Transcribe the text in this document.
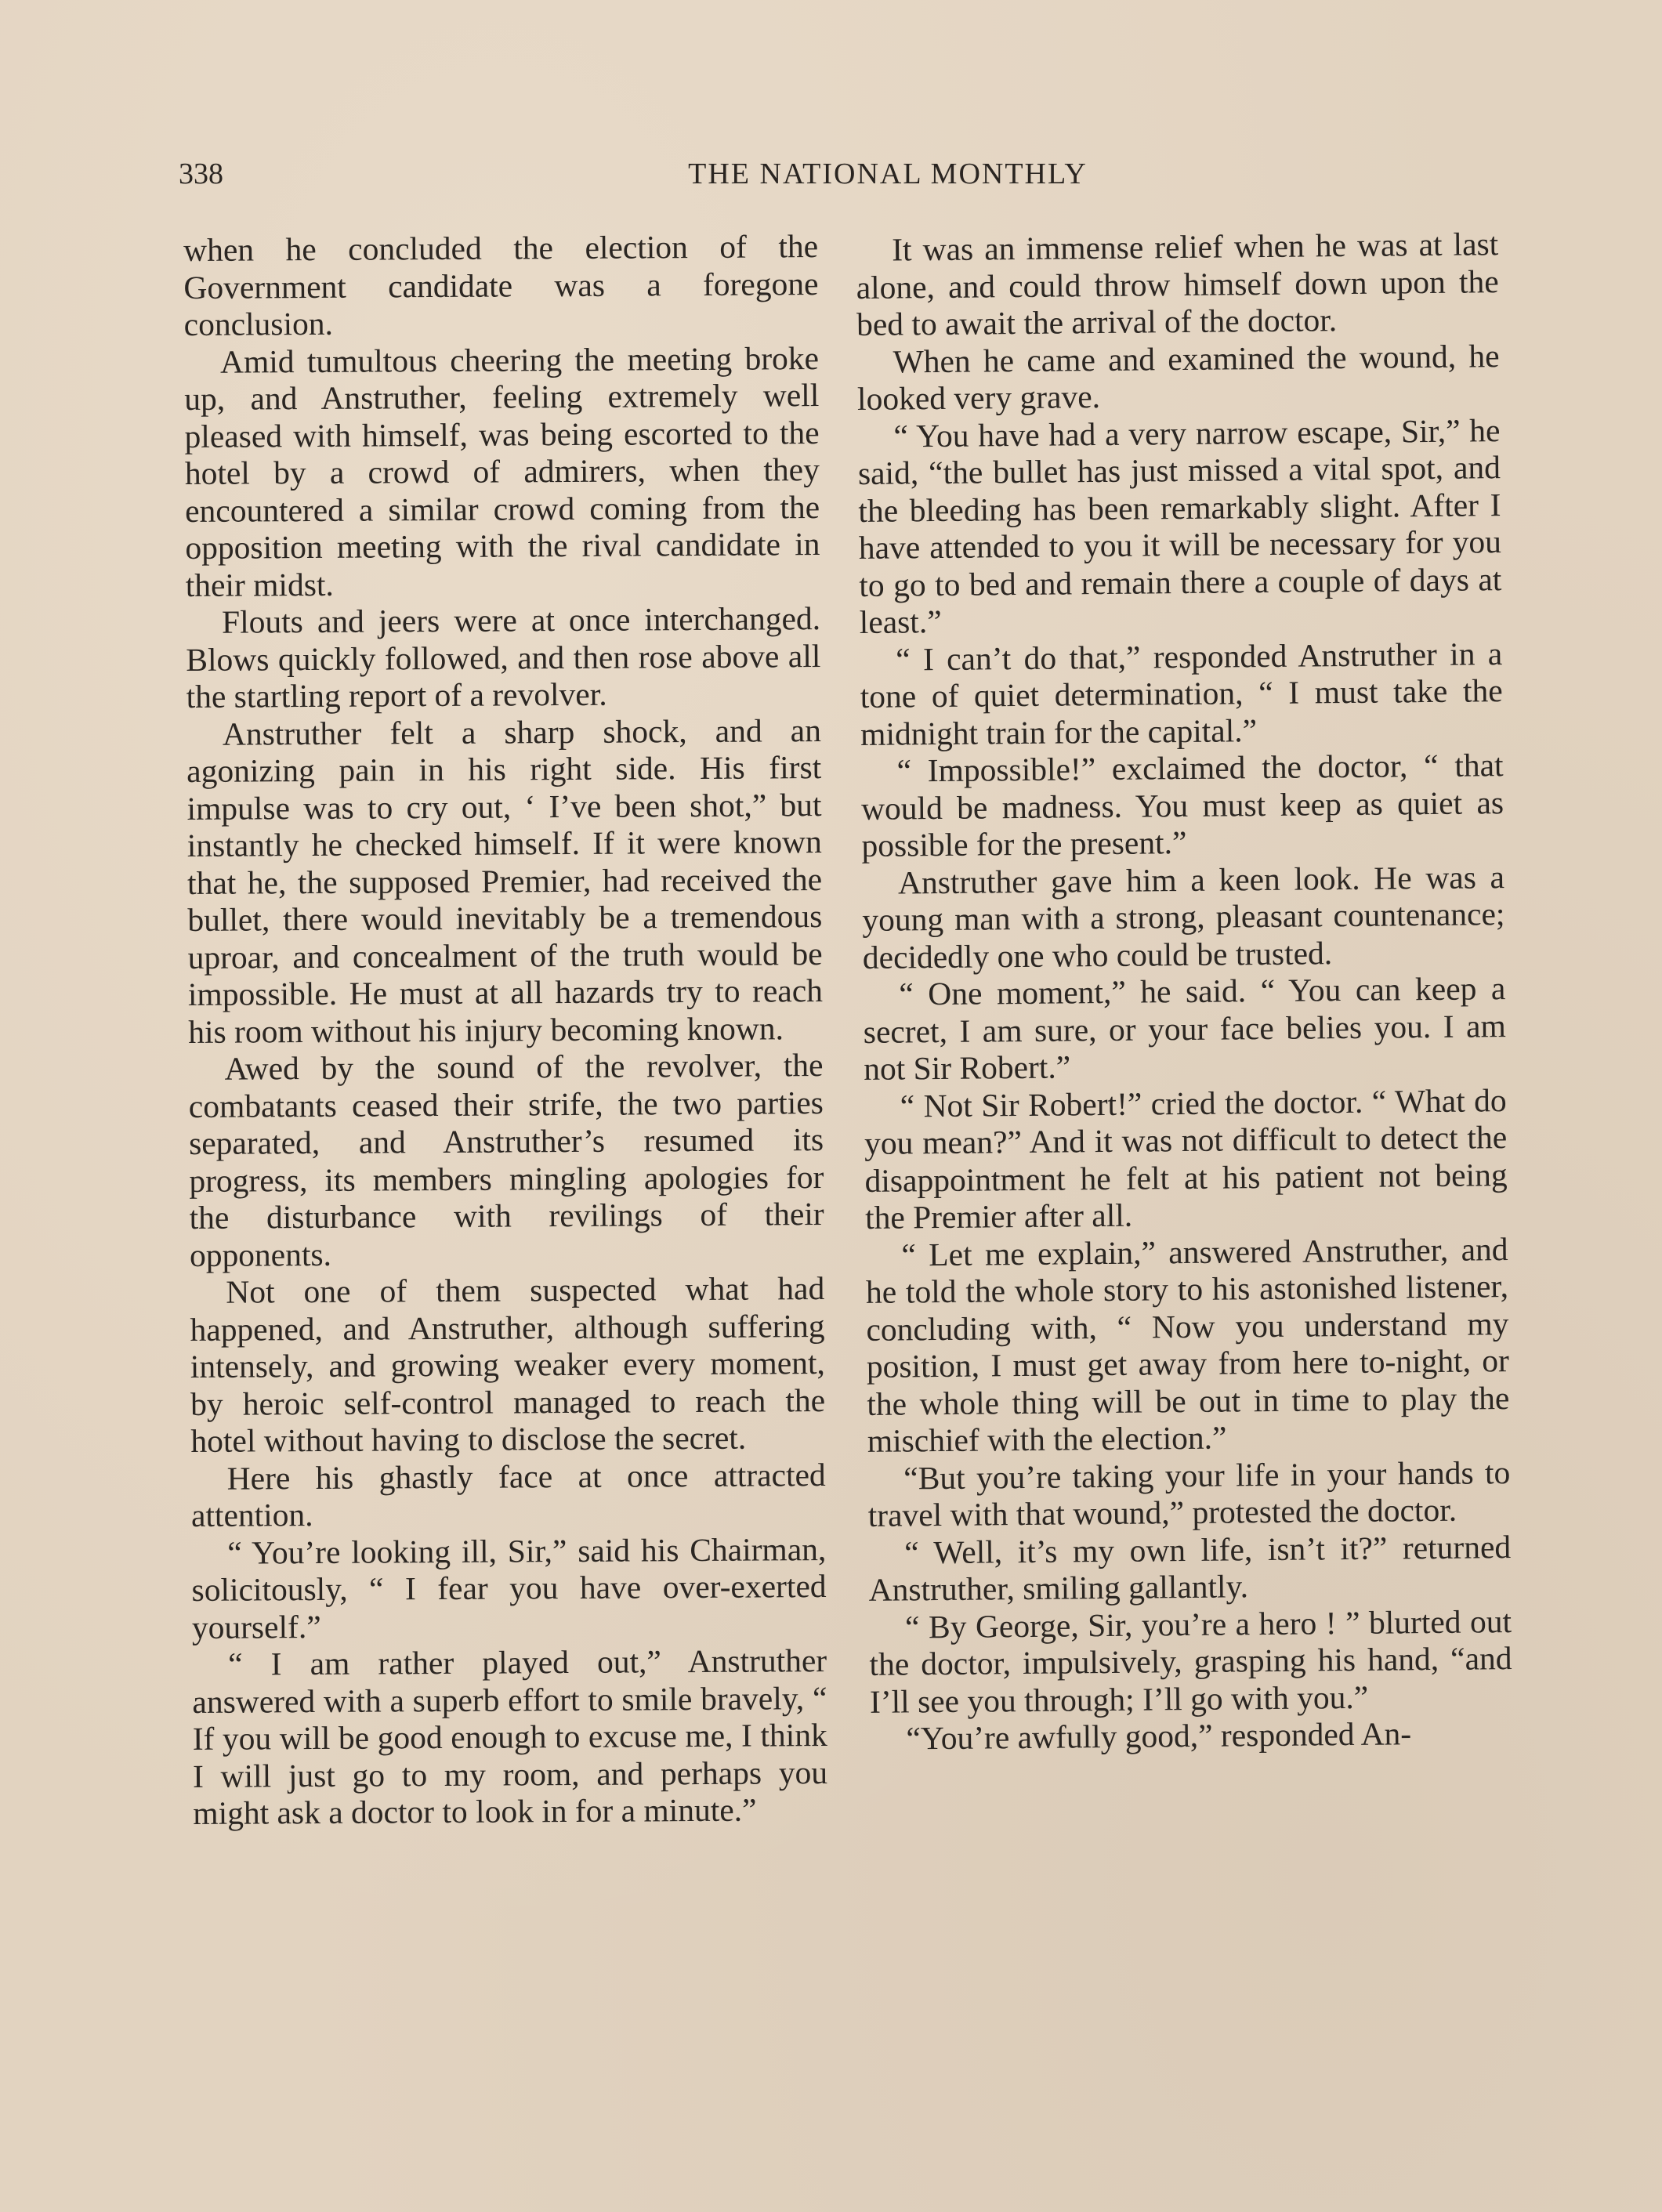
338	THE NATIONAL MONTHLY

when he concluded the election of the Government candidate was a foregone conclusion.

Amid tumultous cheering the meeting broke up, and Anstruther, feeling extremely well pleased with himself, was being escorted to the hotel by a crowd of admirers, when they encountered a similar crowd coming from the opposition meeting with the rival candidate in their midst.

Flouts and jeers were at once interchanged. Blows quickly followed, and then rose above all the startling report of a revolver.

Anstruther felt a sharp shock, and an agonizing pain in his right side. His first impulse was to cry out, ‘ I’ve been shot,” but instantly he checked himself. If it were known that he, the supposed Premier, had received the bullet, there would inevitably be a tremendous uproar, and concealment of the truth would be impossible. He must at all hazards try to reach his room without his injury becoming known.

Awed by the sound of the revolver, the combatants ceased their strife, the two parties separated, and Anstruther’s resumed its progress, its members mingling apologies for the disturbance with revilings of their opponents.

Not one of them suspected what had happened, and Anstruther, although suffering intensely, and growing weaker every moment, by heroic self-control managed to reach the hotel without having to disclose the secret.

Here his ghastly face at once attracted attention.

“ You’re looking ill, Sir,” said his Chairman, solicitously, “ I fear you have over-exerted yourself.”

“ I am rather played out,” Anstruther answered with a superb effort to smile bravely, “ If you will be good enough to excuse me, I think I will just go to my room, and perhaps you might ask a doctor to look in for a minute.”

It was an immense relief when he was at last alone, and could throw himself down upon the bed to await the arrival of the doctor.

When he came and examined the wound, he looked very grave.

“ You have had a very narrow escape, Sir,” he said, “the bullet has just missed a vital spot, and the bleeding has been remarkably slight. After I have attended to you it will be necessary for you to go to bed and remain there a couple of days at least.”

“ I can’t do that,” responded Anstruther in a tone of quiet determination, “ I must take the midnight train for the capital.”

“ Impossible!” exclaimed the doctor, “ that would be madness. You must keep as quiet as possible for the present.”

Anstruther gave him a keen look. He was a young man with a strong, pleasant countenance; decidedly one who could be trusted.

“ One moment,” he said. “ You can keep a secret, I am sure, or your face belies you. I am not Sir Robert.”

“ Not Sir Robert!” cried the doctor. “ What do you mean?” And it was not difficult to detect the disappointment he felt at his patient not being the Premier after all.

“ Let me explain,” answered Anstruther, and he told the whole story to his astonished listener, concluding with, “ Now you understand my position, I must get away from here to-night, or the whole thing will be out in time to play the mischief with the election.”

“But you’re taking your life in your hands to travel with that wound,” protested the doctor.

“ Well, it’s my own life, isn’t it?” returned Anstruther, smiling gallantly.

“ By George, Sir, you’re a hero ! ” blurted out the doctor, impulsively, grasping his hand, “and I’ll see you through; I’ll go with you.”

“You’re awfully good,” responded An-
